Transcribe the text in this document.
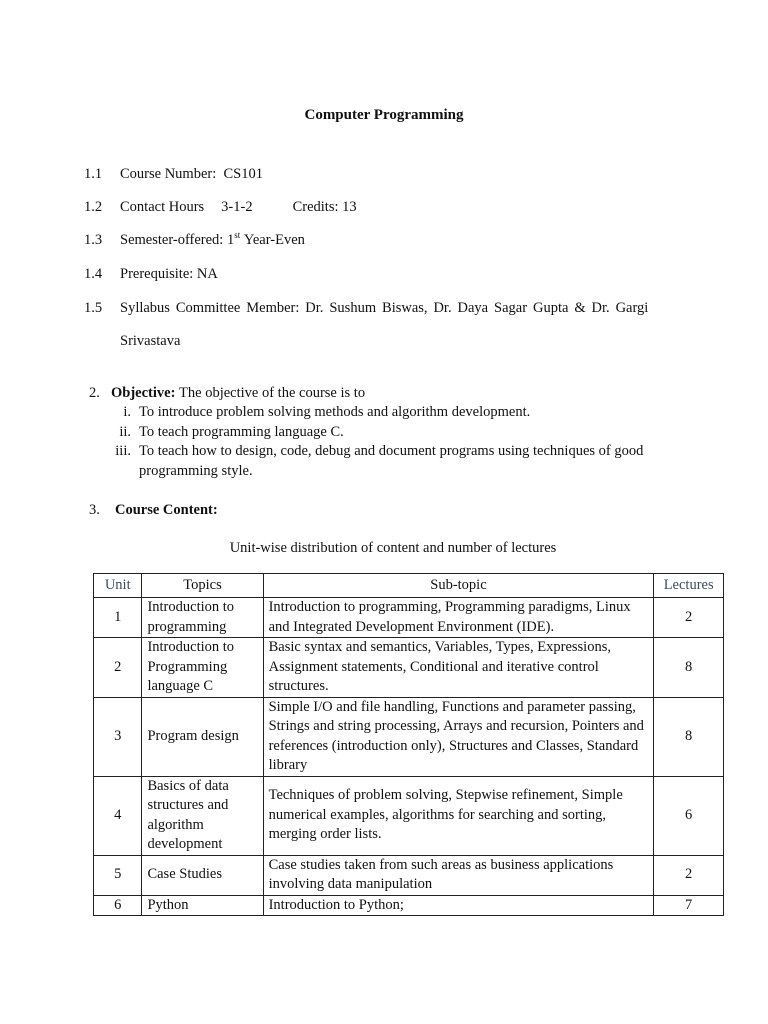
Computer Programming
1.1 Course Number: CS101
1.2 Contact Hours 3-1-2	Credits: 13
1.3 Semester-offered: 1st Year-Even
1.4 Prerequisite: NA
1.5 Syllabus Committee Member: Dr. Sushum Biswas, Dr. Daya Sagar Gupta & Dr. Gargi
Srivastava
2. Objective: The objective of the course is to
i. To introduce problem solving methods and algorithm development.
ii. To teach programming language C.
iii. To teach how to design, code, debug and document programs using techniques of good programming style.
3. Course Content:
Unit-wise distribution of content and number of lectures
Unit	Topics	Sub-topic	Lectures
1	Introduction to programming	Introduction to programming, Programming paradigms, Linux and Integrated Development Environment (IDE).	2
2	Introduction to Programming language C	Basic syntax and semantics, Variables, Types, Expressions, Assignment statements, Conditional and iterative control structures.	8
3	Program design	Simple I/O and file handling, Functions and parameter passing, Strings and string processing, Arrays and recursion, Pointers and references (introduction only), Structures and Classes, Standard library	8
4	Basics of data structures and algorithm development	Techniques of problem solving, Stepwise refinement, Simple numerical examples, algorithms for searching and sorting, merging order lists.	6
5	Case Studies	Case studies taken from such areas as business applications involving data manipulation	2
6	Python	Introduction to Python;	7
